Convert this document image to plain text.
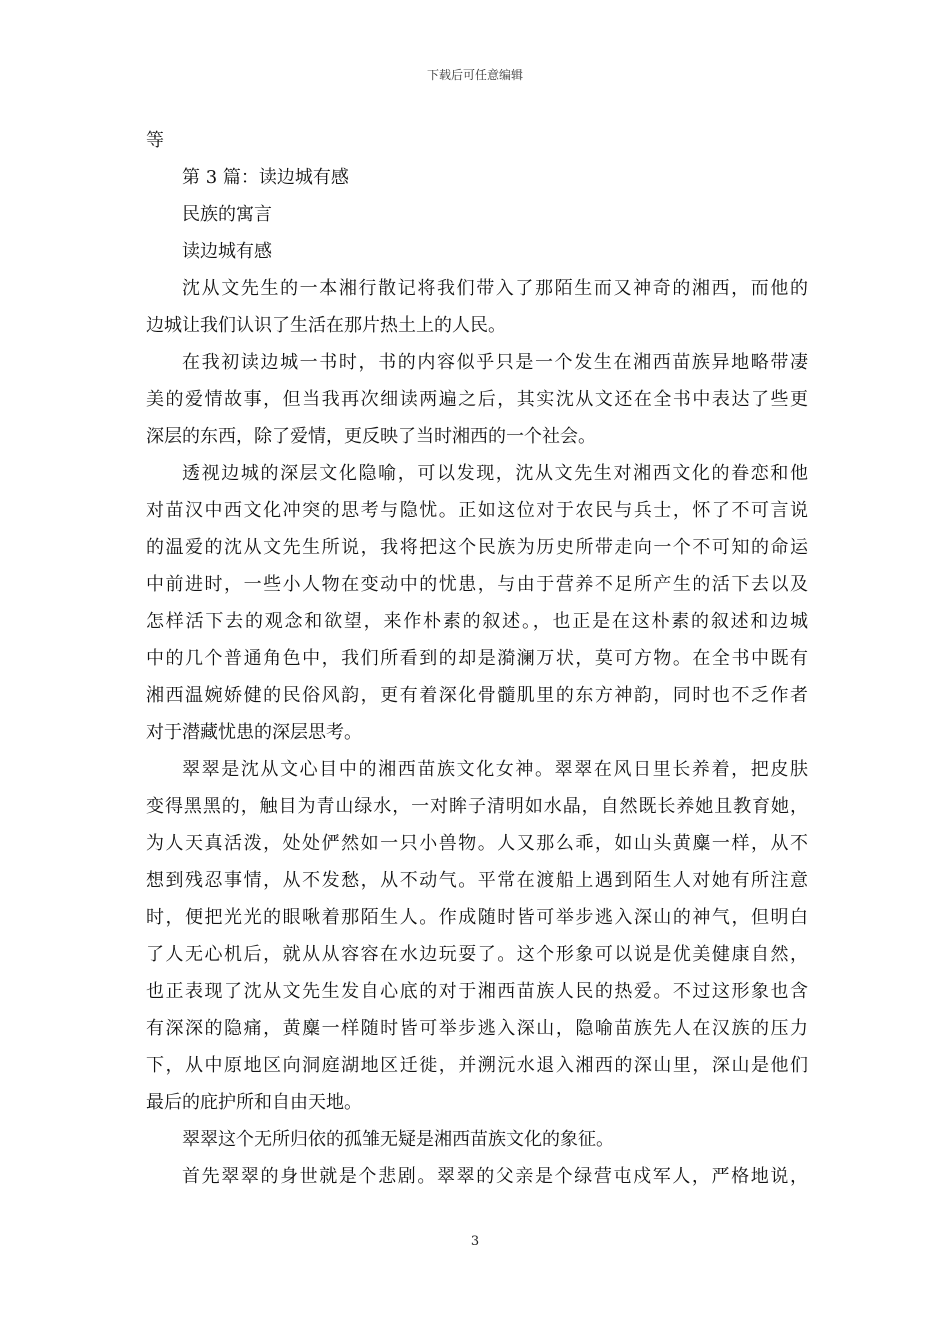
下载后可任意编辑
等
第 3 篇：读边城有感
民族的寓言
读边城有感
沈从文先生的一本湘行散记将我们带入了那陌生而又神奇的湘西，而他的
边城让我们认识了生活在那片热土上的人民。
在我初读边城一书时，书的内容似乎只是一个发生在湘西苗族异地略带凄
美的爱情故事，但当我再次细读两遍之后，其实沈从文还在全书中表达了些更
深层的东西，除了爱情，更反映了当时湘西的一个社会。
透视边城的深层文化隐喻，可以发现，沈从文先生对湘西文化的眷恋和他
对苗汉中西文化冲突的思考与隐忧。正如这位对于农民与兵士，怀了不可言说
的温爱的沈从文先生所说，我将把这个民族为历史所带走向一个不可知的命运
中前进时，一些小人物在变动中的忧患，与由于营养不足所产生的活下去以及
怎样活下去的观念和欲望，来作朴素的叙述。，也正是在这朴素的叙述和边城
中的几个普通角色中，我们所看到的却是漪澜万状，莫可方物。在全书中既有
湘西温婉娇健的民俗风韵，更有着深化骨髓肌里的东方神韵，同时也不乏作者
对于潜藏忧患的深层思考。
翠翠是沈从文心目中的湘西苗族文化女神。翠翠在风日里长养着，把皮肤
变得黑黑的，触目为青山绿水，一对眸子清明如水晶，自然既长养她且教育她，
为人天真活泼，处处俨然如一只小兽物。人又那么乖，如山头黄麋一样，从不
想到残忍事情，从不发愁，从不动气。平常在渡船上遇到陌生人对她有所注意
时，便把光光的眼啾着那陌生人。作成随时皆可举步逃入深山的神气，但明白
了人无心机后，就从从容容在水边玩耍了。这个形象可以说是优美健康自然，
也正表现了沈从文先生发自心底的对于湘西苗族人民的热爱。不过这形象也含
有深深的隐痛，黄麋一样随时皆可举步逃入深山，隐喻苗族先人在汉族的压力
下，从中原地区向洞庭湖地区迁徙，并溯沅水退入湘西的深山里，深山是他们
最后的庇护所和自由天地。
翠翠这个无所归依的孤雏无疑是湘西苗族文化的象征。
首先翠翠的身世就是个悲剧。翠翠的父亲是个绿营屯戍军人，严格地说，
3
